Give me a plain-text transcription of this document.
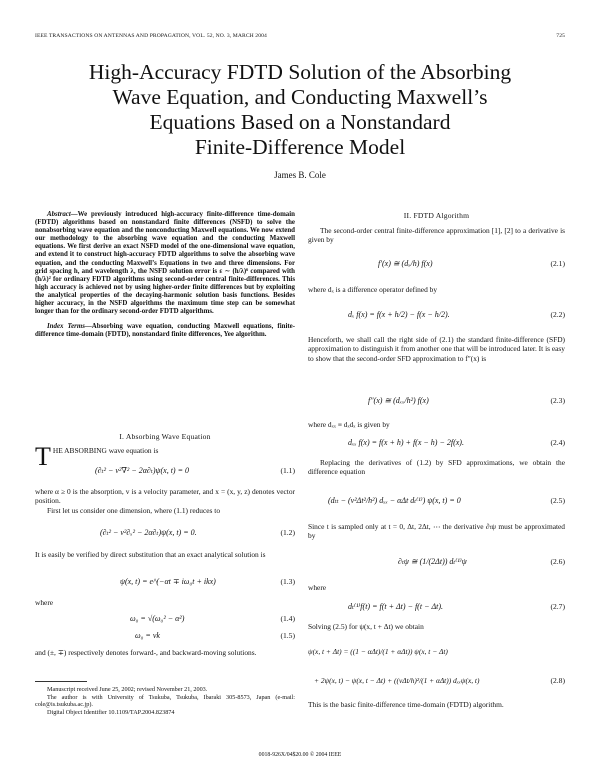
IEEE TRANSACTIONS ON ANTENNAS AND PROPAGATION, VOL. 52, NO. 3, MARCH 2004	725
High-Accuracy FDTD Solution of the Absorbing
Wave Equation, and Conducting Maxwell’s
Equations Based on a Nonstandard
Finite-Difference Model
James B. Cole

Abstract—We previously introduced high-accuracy finite-difference time-domain (FDTD) algorithms based on nonstandard finite differences (NSFD) to solve the nonabsorbing wave equation and the nonconducting Maxwell equations. We now extend our methodology to the absorbing wave equation and the conducting Maxwell equations. We first derive an exact NSFD model of the one-dimensional wave equation, and extend it to construct high-accuracy FDTD algorithms to solve the absorbing wave equation, and the conducting Maxwell’s Equations in two and three dimensions. For grid spacing h, and wavelength λ, the NSFD solution error is ε ∼ (h/λ)⁶ compared with (h/λ)² for ordinary FDTD algorithms using second-order central finite-differences. This high accuracy is achieved not by using higher-order finite differences but by exploiting the analytical properties of the decaying-harmonic solution basis functions. Besides higher accuracy, in the NSFD algorithms the maximum time step can be somewhat longer than for the ordinary second-order FDTD algorithms.

Index Terms—Absorbing wave equation, conducting Maxwell equations, finite-difference time-domain (FDTD), nonstandard finite differences, Yee algorithm.

I. Absorbing Wave Equation
T HE ABSORBING wave equation is
(∂ₜ² − v²∇² − 2α∂ₜ)ψ(x, t) = 0	(1.1)
where α ≥ 0 is the absorption, v is a velocity parameter, and x = (x, y, z) denotes vector position.

First let us consider one dimension, where (1.1) reduces to

(∂ₜ² − v²∂ₓ² − 2α∂ₜ)ψ(x, t) = 0.	(1.2)
It is easily be verified by direct substitution that an exact analytical solution is
ψ(x, t) = e^(−αt ∓ iω₀t + ikx)	(1.3)
where
ω₀ = √(ω₀² − α²)	(1.4)
ω₀ = vk	(1.5)
and (±, ∓) respectively denotes forward-, and backward-moving solutions.

Manuscript received June 25, 2002; revised November 21, 2003.

The author is with University of Tsukuba, Tsukuba, Ibaraki 305-8573, Japan (e-mail: cole@is.tsukuba.ac.jp).

Digital Object Identifier 10.1109/TAP.2004.823874

II. FDTD Algorithm

The second-order central finite-difference approximation [1], [2] to a derivative is given by

f′(x) ≅ (dₓ/h) f(x)	(2.1)
where dₓ is a difference operator defined by
dₓ f(x) = f(x + h/2) − f(x − h/2).	(2.2)

Henceforth, we shall call the right side of (2.1) the standard finite-difference (SFD) approximation to distinguish it from another one that will be introduced later. It is easy to show that the second-order SFD approximation to f″(x) is

f″(x) ≅ (dₓₓ/h²) f(x)	(2.3)
where dₓₓ ≡ dₓdₓ is given by
dₓₓ f(x) = f(x + h) + f(x − h) − 2f(x).	(2.4)

Replacing the derivatives of (1.2) by SFD approximations, we obtain the difference equation

(dₜₜ − (v²Δt²/h²) dₓₓ − αΔt dₜ⁽¹⁾) ψ(x, t) = 0	(2.5)
Since t is sampled only at t = 0, Δt, 2Δt, ⋯ the derivative ∂ₜψ must be approximated by
∂ₜψ ≅ (1/(2Δt)) dₜ⁽¹⁾ψ	(2.6)
where
dₜ⁽¹⁾f(t) = f(t + Δt) − f(t − Δt).	(2.7)
Solving (2.5) for ψ(x, t + Δt) we obtain
ψ(x, t + Δt) = ((1 − αΔt)/(1 + αΔt)) ψ(x, t − Δt)
+ 2ψ(x, t) − ψ(x, t − Δt) + ((vΔt/h)²/(1 + αΔt)) dₓₓψ(x, t)	(2.8)
This is the basic finite-difference time-domain (FDTD) algorithm.
0018-926X/04$20.00 © 2004 IEEE
